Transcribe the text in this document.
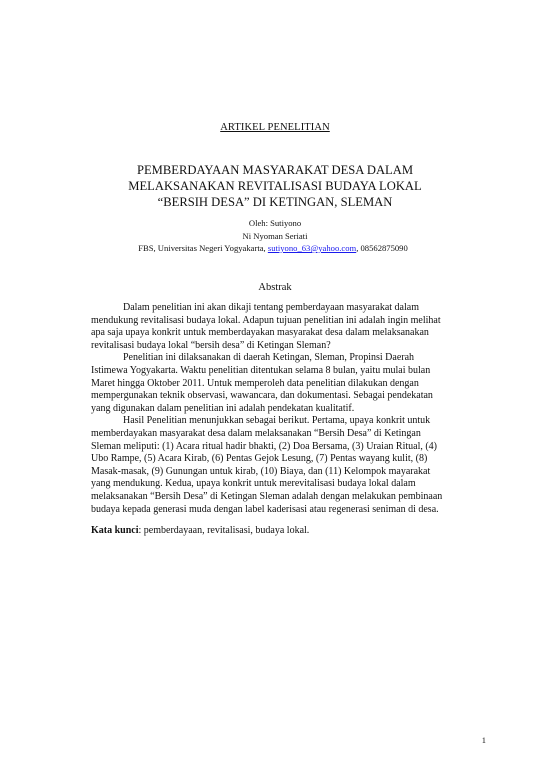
ARTIKEL PENELITIAN
PEMBERDAYAAN MASYARAKAT DESA DALAM
MELAKSANAKAN REVITALISASI BUDAYA LOKAL
“BERSIH DESA” DI KETINGAN, SLEMAN
Oleh: Sutiyono
Ni Nyoman Seriati
FBS, Universitas Negeri Yogyakarta, sutiyono_63@yahoo.com, 08562875090
Abstrak

Dalam penelitian ini akan dikaji tentang pemberdayaan masyarakat dalam
mendukung revitalisasi budaya lokal. Adapun tujuan penelitian ini adalah ingin melihat
apa saja upaya konkrit untuk memberdayakan masyarakat desa dalam melaksanakan
revitalisasi budaya lokal “bersih desa” di Ketingan Sleman?

Penelitian ini dilaksanakan di daerah Ketingan, Sleman, Propinsi Daerah
Istimewa Yogyakarta. Waktu penelitian ditentukan selama 8 bulan, yaitu mulai bulan
Maret hingga Oktober 2011. Untuk memperoleh data penelitian dilakukan dengan
mempergunakan teknik observasi, wawancara, dan dokumentasi. Sebagai pendekatan
yang digunakan dalam penelitian ini adalah pendekatan kualitatif.

Hasil Penelitian menunjukkan sebagai berikut. Pertama, upaya konkrit untuk
memberdayakan masyarakat desa dalam melaksanakan “Bersih Desa” di Ketingan
Sleman meliputi: (1) Acara ritual hadir bhakti, (2) Doa Bersama, (3) Uraian Ritual, (4)
Ubo Rampe, (5) Acara Kirab, (6) Pentas Gejok Lesung, (7) Pentas wayang kulit, (8)
Masak-masak, (9) Gunungan untuk kirab, (10) Biaya, dan (11) Kelompok mayarakat
yang mendukung. Kedua, upaya konkrit untuk merevitalisasi budaya lokal dalam
melaksanakan “Bersih Desa” di Ketingan Sleman adalah dengan melakukan pembinaan
budaya kepada generasi muda dengan label kaderisasi atau regenerasi seniman di desa.

Kata kunci: pemberdayaan, revitalisasi, budaya lokal.
1
